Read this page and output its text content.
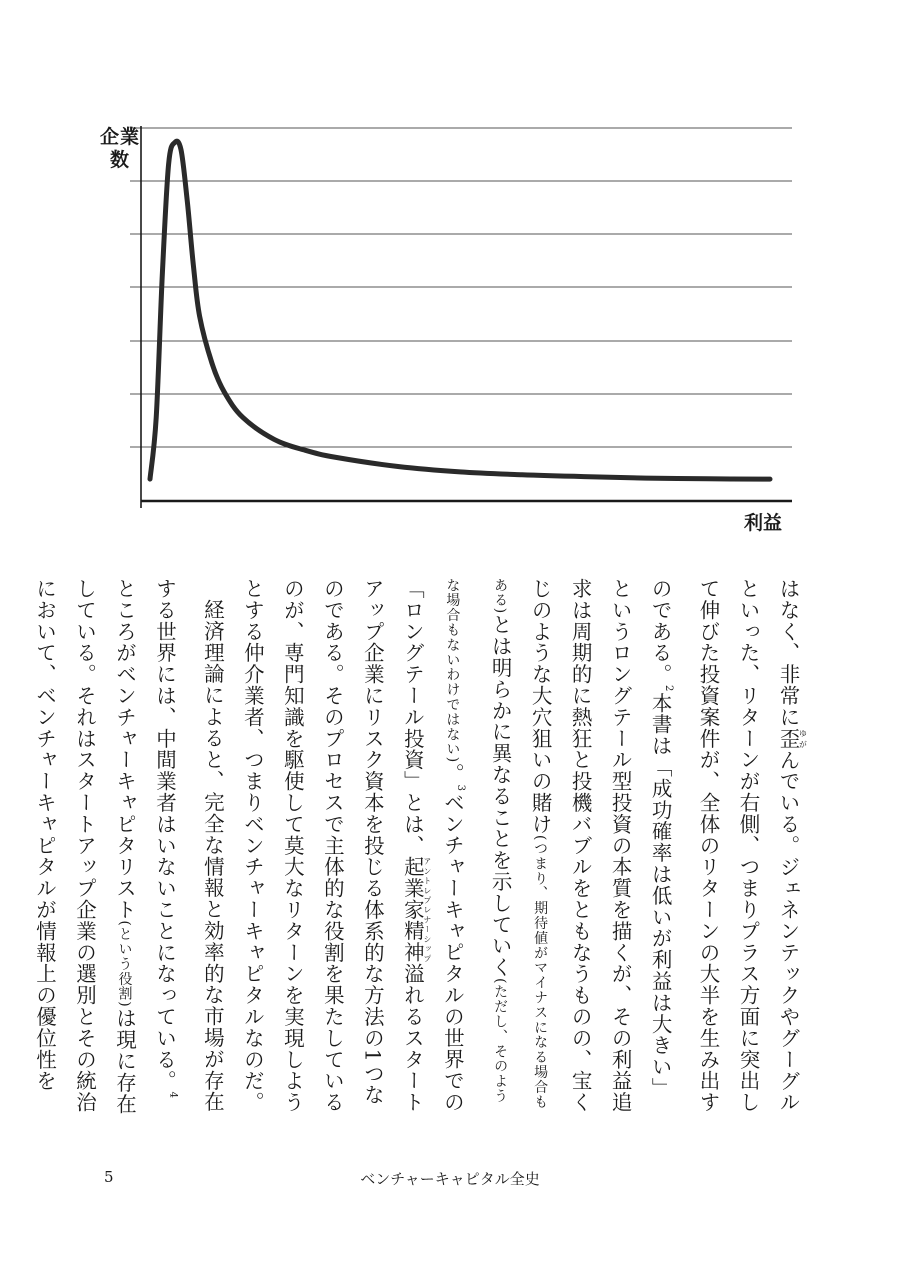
企業数
利益

はなく、非常に歪ゆがんでいる。ジェネンテックやグーグルといった、リターンが右側、つまりプラス方面に突出して伸びた投資案件が、全体のリターンの大半を生み出すのである。$^2$本書は「成功確率は低いが利益は大きい」というロングテール型投資の本質を描くが、その利益追求は周期的に熱狂と投機バブルをともなうものの、宝くじのような大穴狙いの賭け(つまり、期待値がマイナスになる場合もある)とは明らかに異なることを示していく(ただし、そのような場合もないわけではない)。$^3$ベンチャーキャピタルの世界での「ロングテール投資」とは、起業家精神アントレプレナーシップ溢れるスタートアップ企業にリスク資本を投じる体系的な方法の1つなのである。そのプロセスで主体的な役割を果たしているのが、専門知識を駆使して莫大なリターンを実現しようとする仲介業者、つまりベンチャーキャピタルなのだ。

経済理論によると、完全な情報と効率的な市場が存在する世界には、中間業者はいないことになっている。$^4$ところがベンチャーキャピタリスト(という役割)は現に存在している。それはスタートアップ企業の選別とその統治において、ベンチャーキャピタルが情報上の優位性を

5	ベンチャーキャピタル全史
